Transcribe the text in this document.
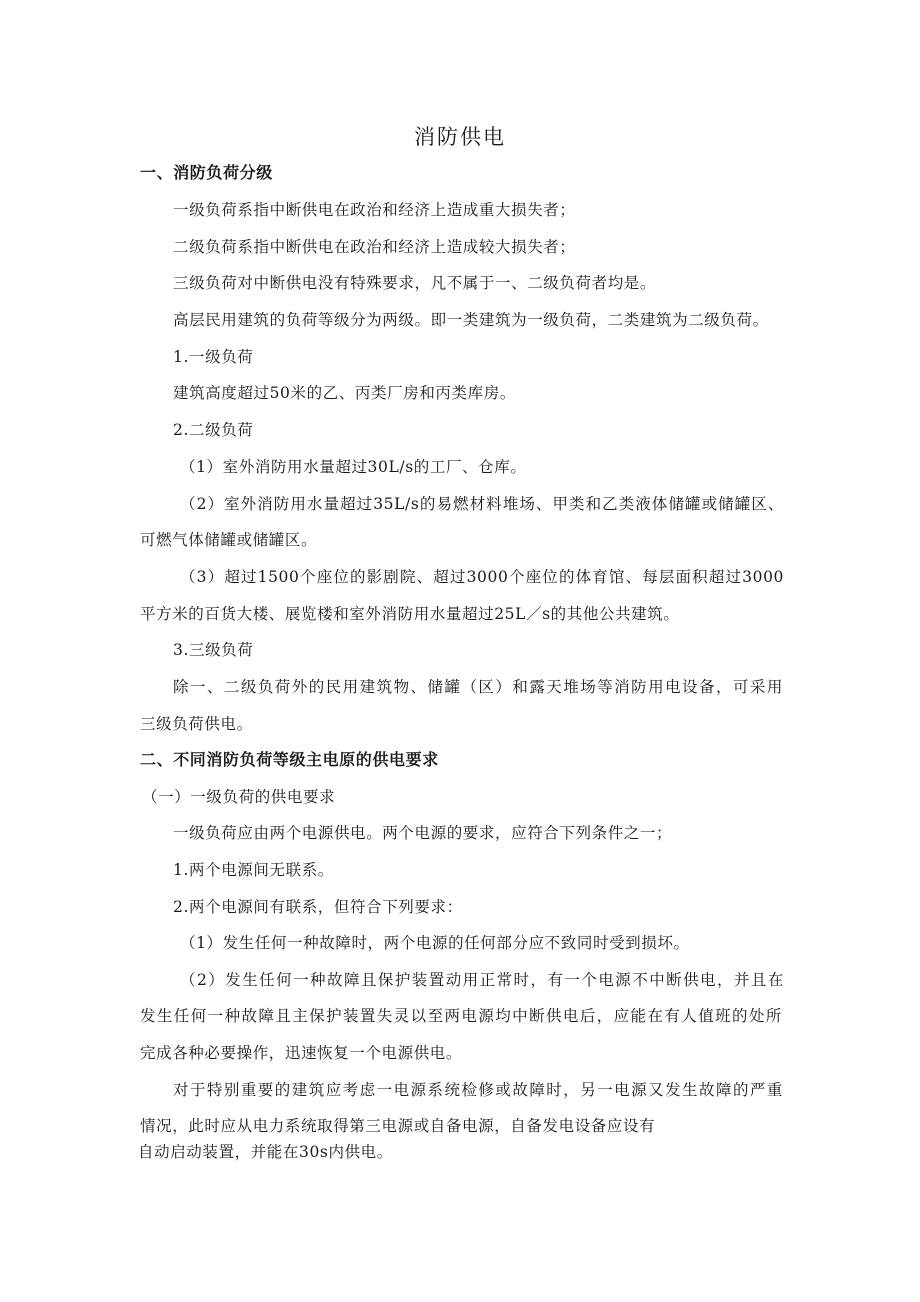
消防供电
一、消防负荷分级
一级负荷系指中断供电在政治和经济上造成重大损失者；
二级负荷系指中断供电在政治和经济上造成较大损失者；
三级负荷对中断供电没有特殊要求，凡不属于一、二级负荷者均是。
高层民用建筑的负荷等级分为两级。即一类建筑为一级负荷，二类建筑为二级负荷。
1.一级负荷
建筑高度超过50米的乙、丙类厂房和丙类库房。
2.二级负荷
（1）室外消防用水量超过30L/s的工厂、仓库。
（2）室外消防用水量超过35L/s的易燃材料堆场、甲类和乙类液体储罐或储罐区、
可燃气体储罐或储罐区。
（3）超过1500个座位的影剧院、超过3000个座位的体育馆、每层面积超过3000
平方米的百货大楼、展览楼和室外消防用水量超过25L／s的其他公共建筑。
3.三级负荷
除一、二级负荷外的民用建筑物、储罐（区）和露天堆场等消防用电设备，可采用
三级负荷供电。
二、不同消防负荷等级主电原的供电要求
（一）一级负荷的供电要求
一级负荷应由两个电源供电。两个电源的要求，应符合下列条件之一；
1.两个电源间无联系。
2.两个电源间有联系，但符合下列要求：
（1）发生任何一种故障时，两个电源的任何部分应不致同时受到损坏。
（2）发生任何一种故障且保护装置动用正常时，有一个电源不中断供电，并且在
发生任何一种故障且主保护装置失灵以至两电源均中断供电后，应能在有人值班的处所
完成各种必要操作，迅速恢复一个电源供电。
对于特别重要的建筑应考虑一电源系统检修或故障时，另一电源又发生故障的严重
情况，此时应从电力系统取得第三电源或自备电源，自备发电设备应设有
自动启动装置，并能在30s内供电。
